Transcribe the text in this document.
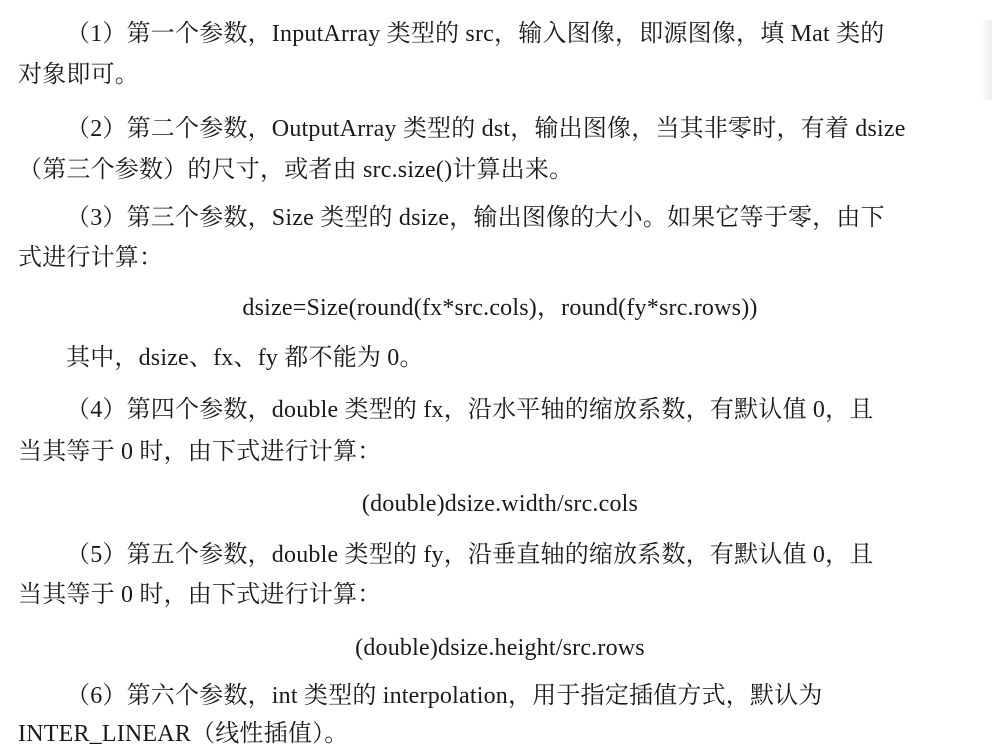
（1）第一个参数，InputArray 类型的 src，输入图像，即源图像，填 Mat 类的
对象即可。
（2）第二个参数，OutputArray 类型的 dst，输出图像，当其非零时，有着 dsize
（第三个参数）的尺寸，或者由 src.size()计算出来。
（3）第三个参数，Size 类型的 dsize，输出图像的大小。如果它等于零，由下
式进行计算：
dsize=Size(round(fx*src.cols)，round(fy*src.rows))
其中，dsize、fx、fy 都不能为 0。
（4）第四个参数，double 类型的 fx，沿水平轴的缩放系数，有默认值 0，且
当其等于 0 时，由下式进行计算：
(double)dsize.width/src.cols
（5）第五个参数，double 类型的 fy，沿垂直轴的缩放系数，有默认值 0，且
当其等于 0 时，由下式进行计算：
(double)dsize.height/src.rows
（6）第六个参数，int 类型的 interpolation，用于指定插值方式，默认为
INTER_LINEAR（线性插值）。
